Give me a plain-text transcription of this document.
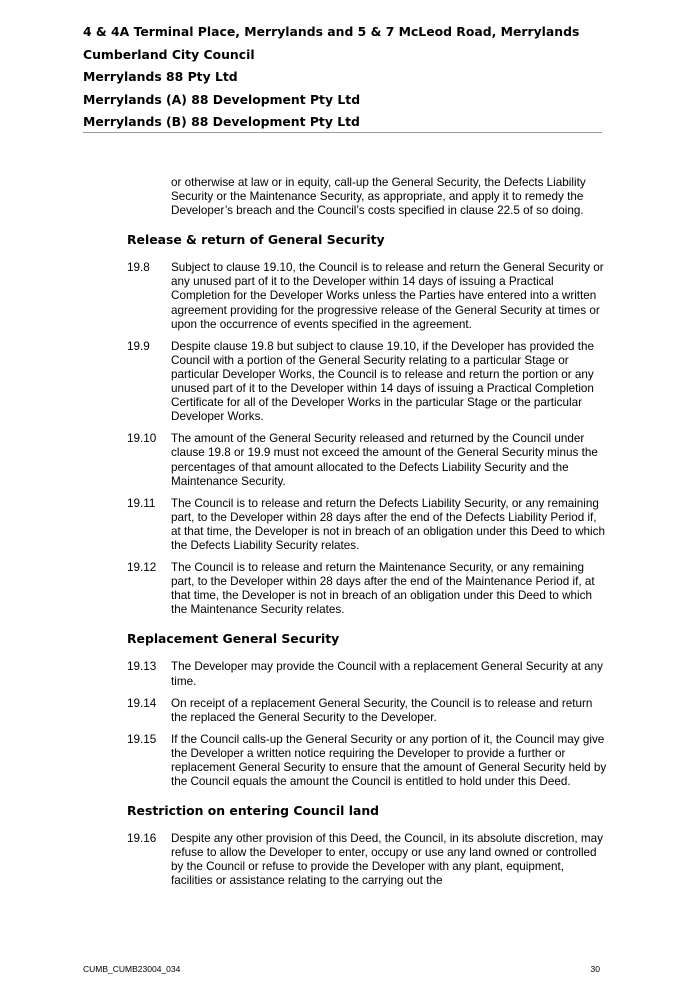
4 & 4A Terminal Place, Merrylands and 5 & 7 McLeod Road, Merrylands
Cumberland City Council
Merrylands 88 Pty Ltd
Merrylands (A) 88 Development Pty Ltd
Merrylands (B) 88 Development Pty Ltd

or otherwise at law or in equity, call-up the General Security, the Defects Liability Security or the Maintenance Security, as appropriate, and apply it to remedy the Developer’s breach and the Council’s costs specified in clause 22.5 of so doing.

Release & return of General Security
19.8	Subject to clause 19.10, the Council is to release and return the General Security or any unused part of it to the Developer within 14 days of issuing a Practical Completion for the Developer Works unless the Parties have entered into a written agreement providing for the progressive release of the General Security at times or upon the occurrence of events specified in the agreement.
19.9	Despite clause 19.8 but subject to clause 19.10, if the Developer has provided the Council with a portion of the General Security relating to a particular Stage or particular Developer Works, the Council is to release and return the portion or any unused part of it to the Developer within 14 days of issuing a Practical Completion Certificate for all of the Developer Works in the particular Stage or the particular Developer Works.
19.10	The amount of the General Security released and returned by the Council under clause 19.8 or 19.9 must not exceed the amount of the General Security minus the percentages of that amount allocated to the Defects Liability Security and the Maintenance Security.
19.11	The Council is to release and return the Defects Liability Security, or any remaining part, to the Developer within 28 days after the end of the Defects Liability Period if, at that time, the Developer is not in breach of an obligation under this Deed to which the Defects Liability Security relates.
19.12	The Council is to release and return the Maintenance Security, or any remaining part, to the Developer within 28 days after the end of the Maintenance Period if, at that time, the Developer is not in breach of an obligation under this Deed to which the Maintenance Security relates.
Replacement General Security
19.13	The Developer may provide the Council with a replacement General Security at any time.
19.14	On receipt of a replacement General Security, the Council is to release and return the replaced the General Security to the Developer.
19.15	If the Council calls-up the General Security or any portion of it, the Council may give the Developer a written notice requiring the Developer to provide a further or replacement General Security to ensure that the amount of General Security held by the Council equals the amount the Council is entitled to hold under this Deed.
Restriction on entering Council land
19.16	Despite any other provision of this Deed, the Council, in its absolute discretion, may refuse to allow the Developer to enter, occupy or use any land owned or controlled by the Council or refuse to provide the Developer with any plant, equipment, facilities or assistance relating to the carrying out the
CUMB_CUMB23004_034	30
